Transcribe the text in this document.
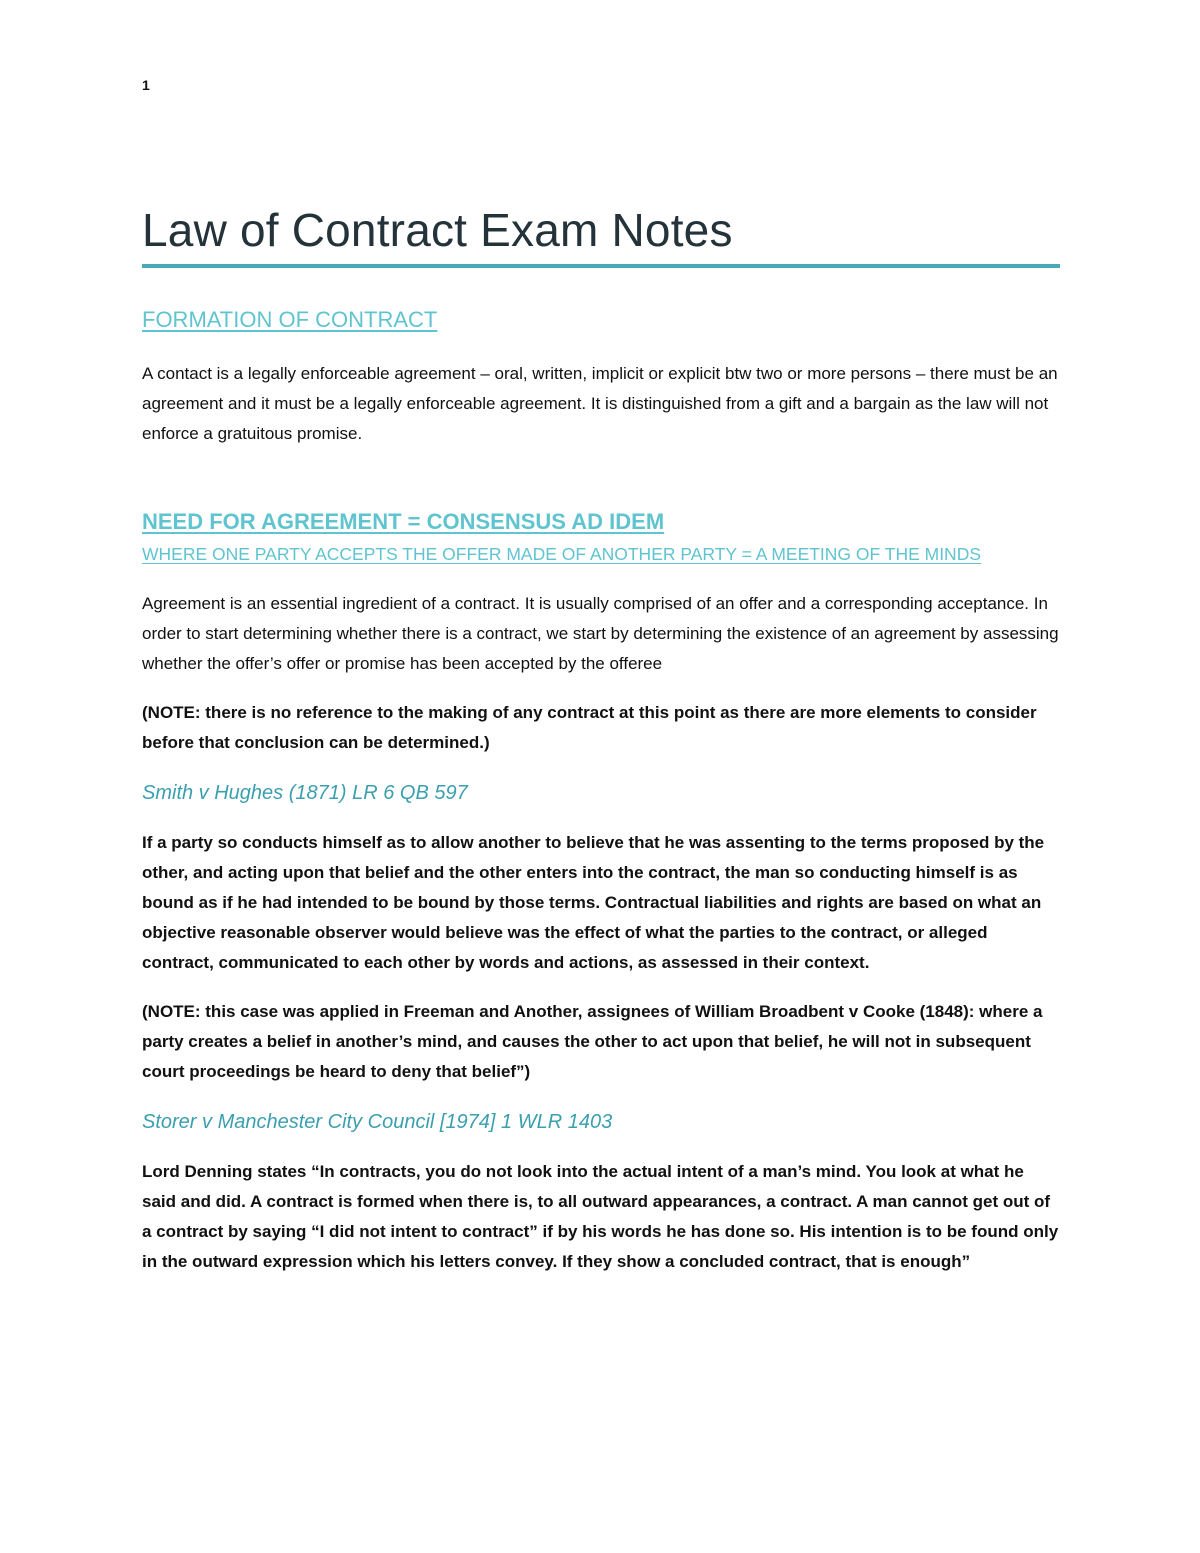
1
Law of Contract Exam Notes
FORMATION OF CONTRACT

A contact is a legally enforceable agreement – oral, written, implicit or explicit btw two or more persons – there must be an agreement and it must be a legally enforceable agreement. It is distinguished from a gift and a bargain as the law will not enforce a gratuitous promise.

NEED FOR AGREEMENT = CONSENSUS AD IDEM
WHERE ONE PARTY ACCEPTS THE OFFER MADE OF ANOTHER PARTY = A MEETING OF THE MINDS

Agreement is an essential ingredient of a contract. It is usually comprised of an offer and a corresponding acceptance. In order to start determining whether there is a contract, we start by determining the existence of an agreement by assessing whether the offer’s offer or promise has been accepted by the offeree

(NOTE: there is no reference to the making of any contract at this point as there are more elements to consider before that conclusion can be determined.)

Smith v Hughes (1871) LR 6 QB 597

If a party so conducts himself as to allow another to believe that he was assenting to the terms proposed by the other, and acting upon that belief and the other enters into the contract, the man so conducting himself is as bound as if he had intended to be bound by those terms. Contractual liabilities and rights are based on what an objective reasonable observer would believe was the effect of what the parties to the contract, or alleged contract, communicated to each other by words and actions, as assessed in their context.

(NOTE: this case was applied in Freeman and Another, assignees of William Broadbent v Cooke (1848): where a party creates a belief in another’s mind, and causes the other to act upon that belief, he will not in subsequent court proceedings be heard to deny that belief”)

Storer v Manchester City Council [1974] 1 WLR 1403

Lord Denning states “In contracts, you do not look into the actual intent of a man’s mind. You look at what he said and did. A contract is formed when there is, to all outward appearances, a contract. A man cannot get out of a contract by saying “I did not intent to contract” if by his words he has done so. His intention is to be found only in the outward expression which his letters convey. If they show a concluded contract, that is enough”
